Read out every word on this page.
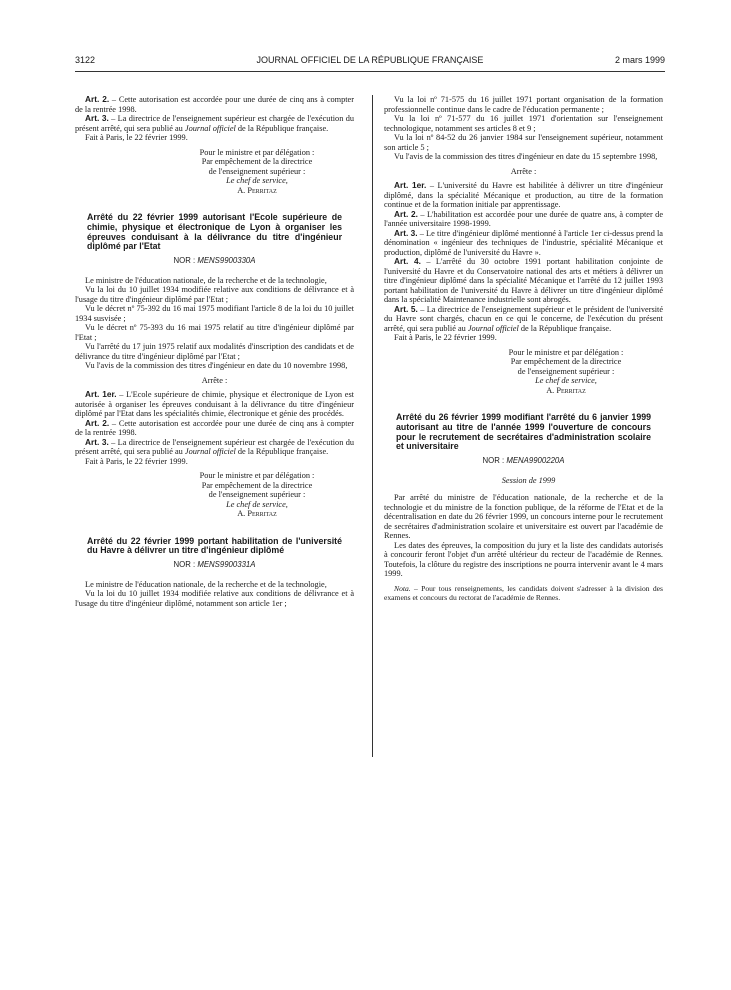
3122	JOURNAL OFFICIEL DE LA RÉPUBLIQUE FRANÇAISE	2 mars 1999

Art. 2. – Cette autorisation est accordée pour une durée de cinq ans à compter de la rentrée 1998.

Art. 3. – La directrice de l'enseignement supérieur est chargée de l'exécution du présent arrêté, qui sera publié au Journal officiel de la République française.

Fait à Paris, le 22 février 1999.

Pour le ministre et par délégation :

Par empêchement de la directrice

de l'enseignement supérieur :

Le chef de service,

A. Perritaz

Arrêté du 22 février 1999 autorisant l'Ecole supérieure de chimie, physique et électronique de Lyon à organiser les épreuves conduisant à la délivrance du titre d'ingénieur diplômé par l'Etat
NOR : MENS9900330A

Le ministre de l'éducation nationale, de la recherche et de la technologie,

Vu la loi du 10 juillet 1934 modifiée relative aux conditions de délivrance et à l'usage du titre d'ingénieur diplômé par l'Etat ;

Vu le décret nº 75-392 du 16 mai 1975 modifiant l'article 8 de la loi du 10 juillet 1934 susvisée ;

Vu le décret nº 75-393 du 16 mai 1975 relatif au titre d'ingénieur diplômé par l'Etat ;

Vu l'arrêté du 17 juin 1975 relatif aux modalités d'inscription des candidats et de délivrance du titre d'ingénieur diplômé par l'Etat ;

Vu l'avis de la commission des titres d'ingénieur en date du 10 novembre 1998,

Arrête :

Art. 1er. – L'Ecole supérieure de chimie, physique et électronique de Lyon est autorisée à organiser les épreuves conduisant à la délivrance du titre d'ingénieur diplômé par l'Etat dans les spécialités chimie, électronique et génie des procédés.

Art. 2. – Cette autorisation est accordée pour une durée de cinq ans à compter de la rentrée 1998.

Art. 3. – La directrice de l'enseignement supérieur est chargée de l'exécution du présent arrêté, qui sera publié au Journal officiel de la République française.

Fait à Paris, le 22 février 1999.

Pour le ministre et par délégation :

Par empêchement de la directrice

de l'enseignement supérieur :

Le chef de service,

A. Perritaz

Arrêté du 22 février 1999 portant habilitation de l'université du Havre à délivrer un titre d'ingénieur diplômé
NOR : MENS9900331A

Le ministre de l'éducation nationale, de la recherche et de la technologie,

Vu la loi du 10 juillet 1934 modifiée relative aux conditions de délivrance et à l'usage du titre d'ingénieur diplômé, notamment son article 1er ;

Vu la loi nº 71-575 du 16 juillet 1971 portant organisation de la formation professionnelle continue dans le cadre de l'éducation permanente ;

Vu la loi nº 71-577 du 16 juillet 1971 d'orientation sur l'enseignement technologique, notamment ses articles 8 et 9 ;

Vu la loi nº 84-52 du 26 janvier 1984 sur l'enseignement supérieur, notamment son article 5 ;

Vu l'avis de la commission des titres d'ingénieur en date du 15 septembre 1998,

Arrête :

Art. 1er. – L'université du Havre est habilitée à délivrer un titre d'ingénieur diplômé, dans la spécialité Mécanique et production, au titre de la formation continue et de la formation initiale par apprentissage.

Art. 2. – L'habilitation est accordée pour une durée de quatre ans, à compter de l'année universitaire 1998-1999.

Art. 3. – Le titre d'ingénieur diplômé mentionné à l'article 1er ci-dessus prend la dénomination « ingénieur des techniques de l'industrie, spécialité Mécanique et production, diplômé de l'université du Havre ».

Art. 4. – L'arrêté du 30 octobre 1991 portant habilitation conjointe de l'université du Havre et du Conservatoire national des arts et métiers à délivrer un titre d'ingénieur diplômé dans la spécialité Mécanique et l'arrêté du 12 juillet 1993 portant habilitation de l'université du Havre à délivrer un titre d'ingénieur diplômé dans la spécialité Maintenance industrielle sont abrogés.

Art. 5. – La directrice de l'enseignement supérieur et le président de l'université du Havre sont chargés, chacun en ce qui le concerne, de l'exécution du présent arrêté, qui sera publié au Journal officiel de la République française.

Fait à Paris, le 22 février 1999.

Pour le ministre et par délégation :

Par empêchement de la directrice

de l'enseignement supérieur :

Le chef de service,

A. Perritaz

Arrêté du 26 février 1999 modifiant l'arrêté du 6 janvier 1999 autorisant au titre de l'année 1999 l'ouverture de concours pour le recrutement de secrétaires d'administration scolaire et universitaire
NOR : MENA9900220A

Session de 1999

Par arrêté du ministre de l'éducation nationale, de la recherche et de la technologie et du ministre de la fonction publique, de la réforme de l'Etat et de la décentralisation en date du 26 février 1999, un concours interne pour le recrutement de secrétaires d'administration scolaire et universitaire est ouvert par l'académie de Rennes.

Les dates des épreuves, la composition du jury et la liste des candidats autorisés à concourir feront l'objet d'un arrêté ultérieur du recteur de l'académie de Rennes. Toutefois, la clôture du registre des inscriptions ne pourra intervenir avant le 4 mars 1999.

Nota. – Pour tous renseignements, les candidats doivent s'adresser à la division des examens et concours du rectorat de l'académie de Rennes.
